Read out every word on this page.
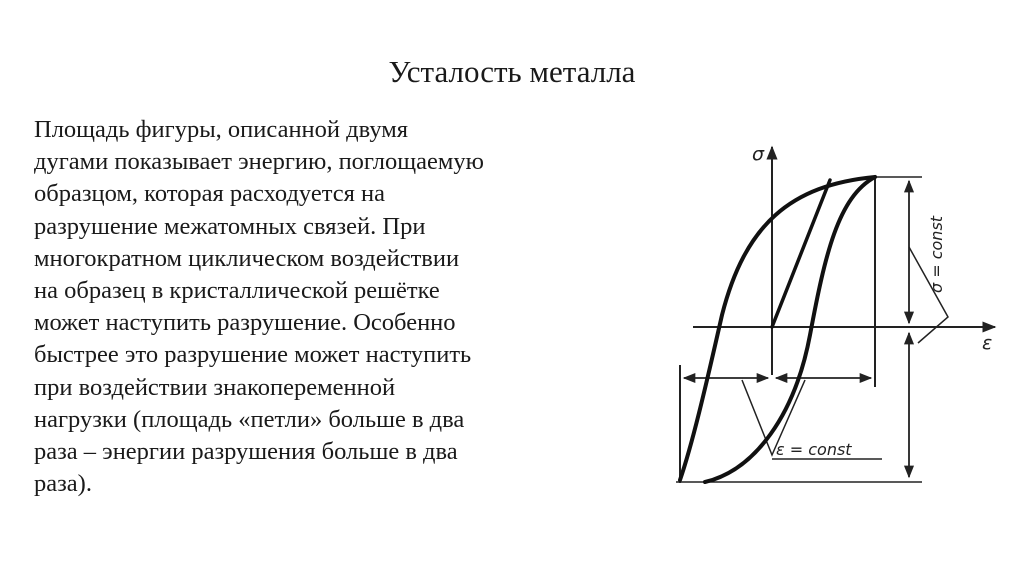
Усталость металла
Площадь фигуры, описанной двумя
дугами показывает энергию, поглощаемую
образцом, которая расходуется на
разрушение межатомных связей. При
многократном циклическом воздействии
на образец в кристаллической решётке
может наступить разрушение. Особенно
быстрее это разрушение может наступить
при воздействии знакопеременной
нагрузки (площадь «петли» больше в два
раза – энергии разрушения больше в два
раза).
σ
ε
σ = const
ε = const
